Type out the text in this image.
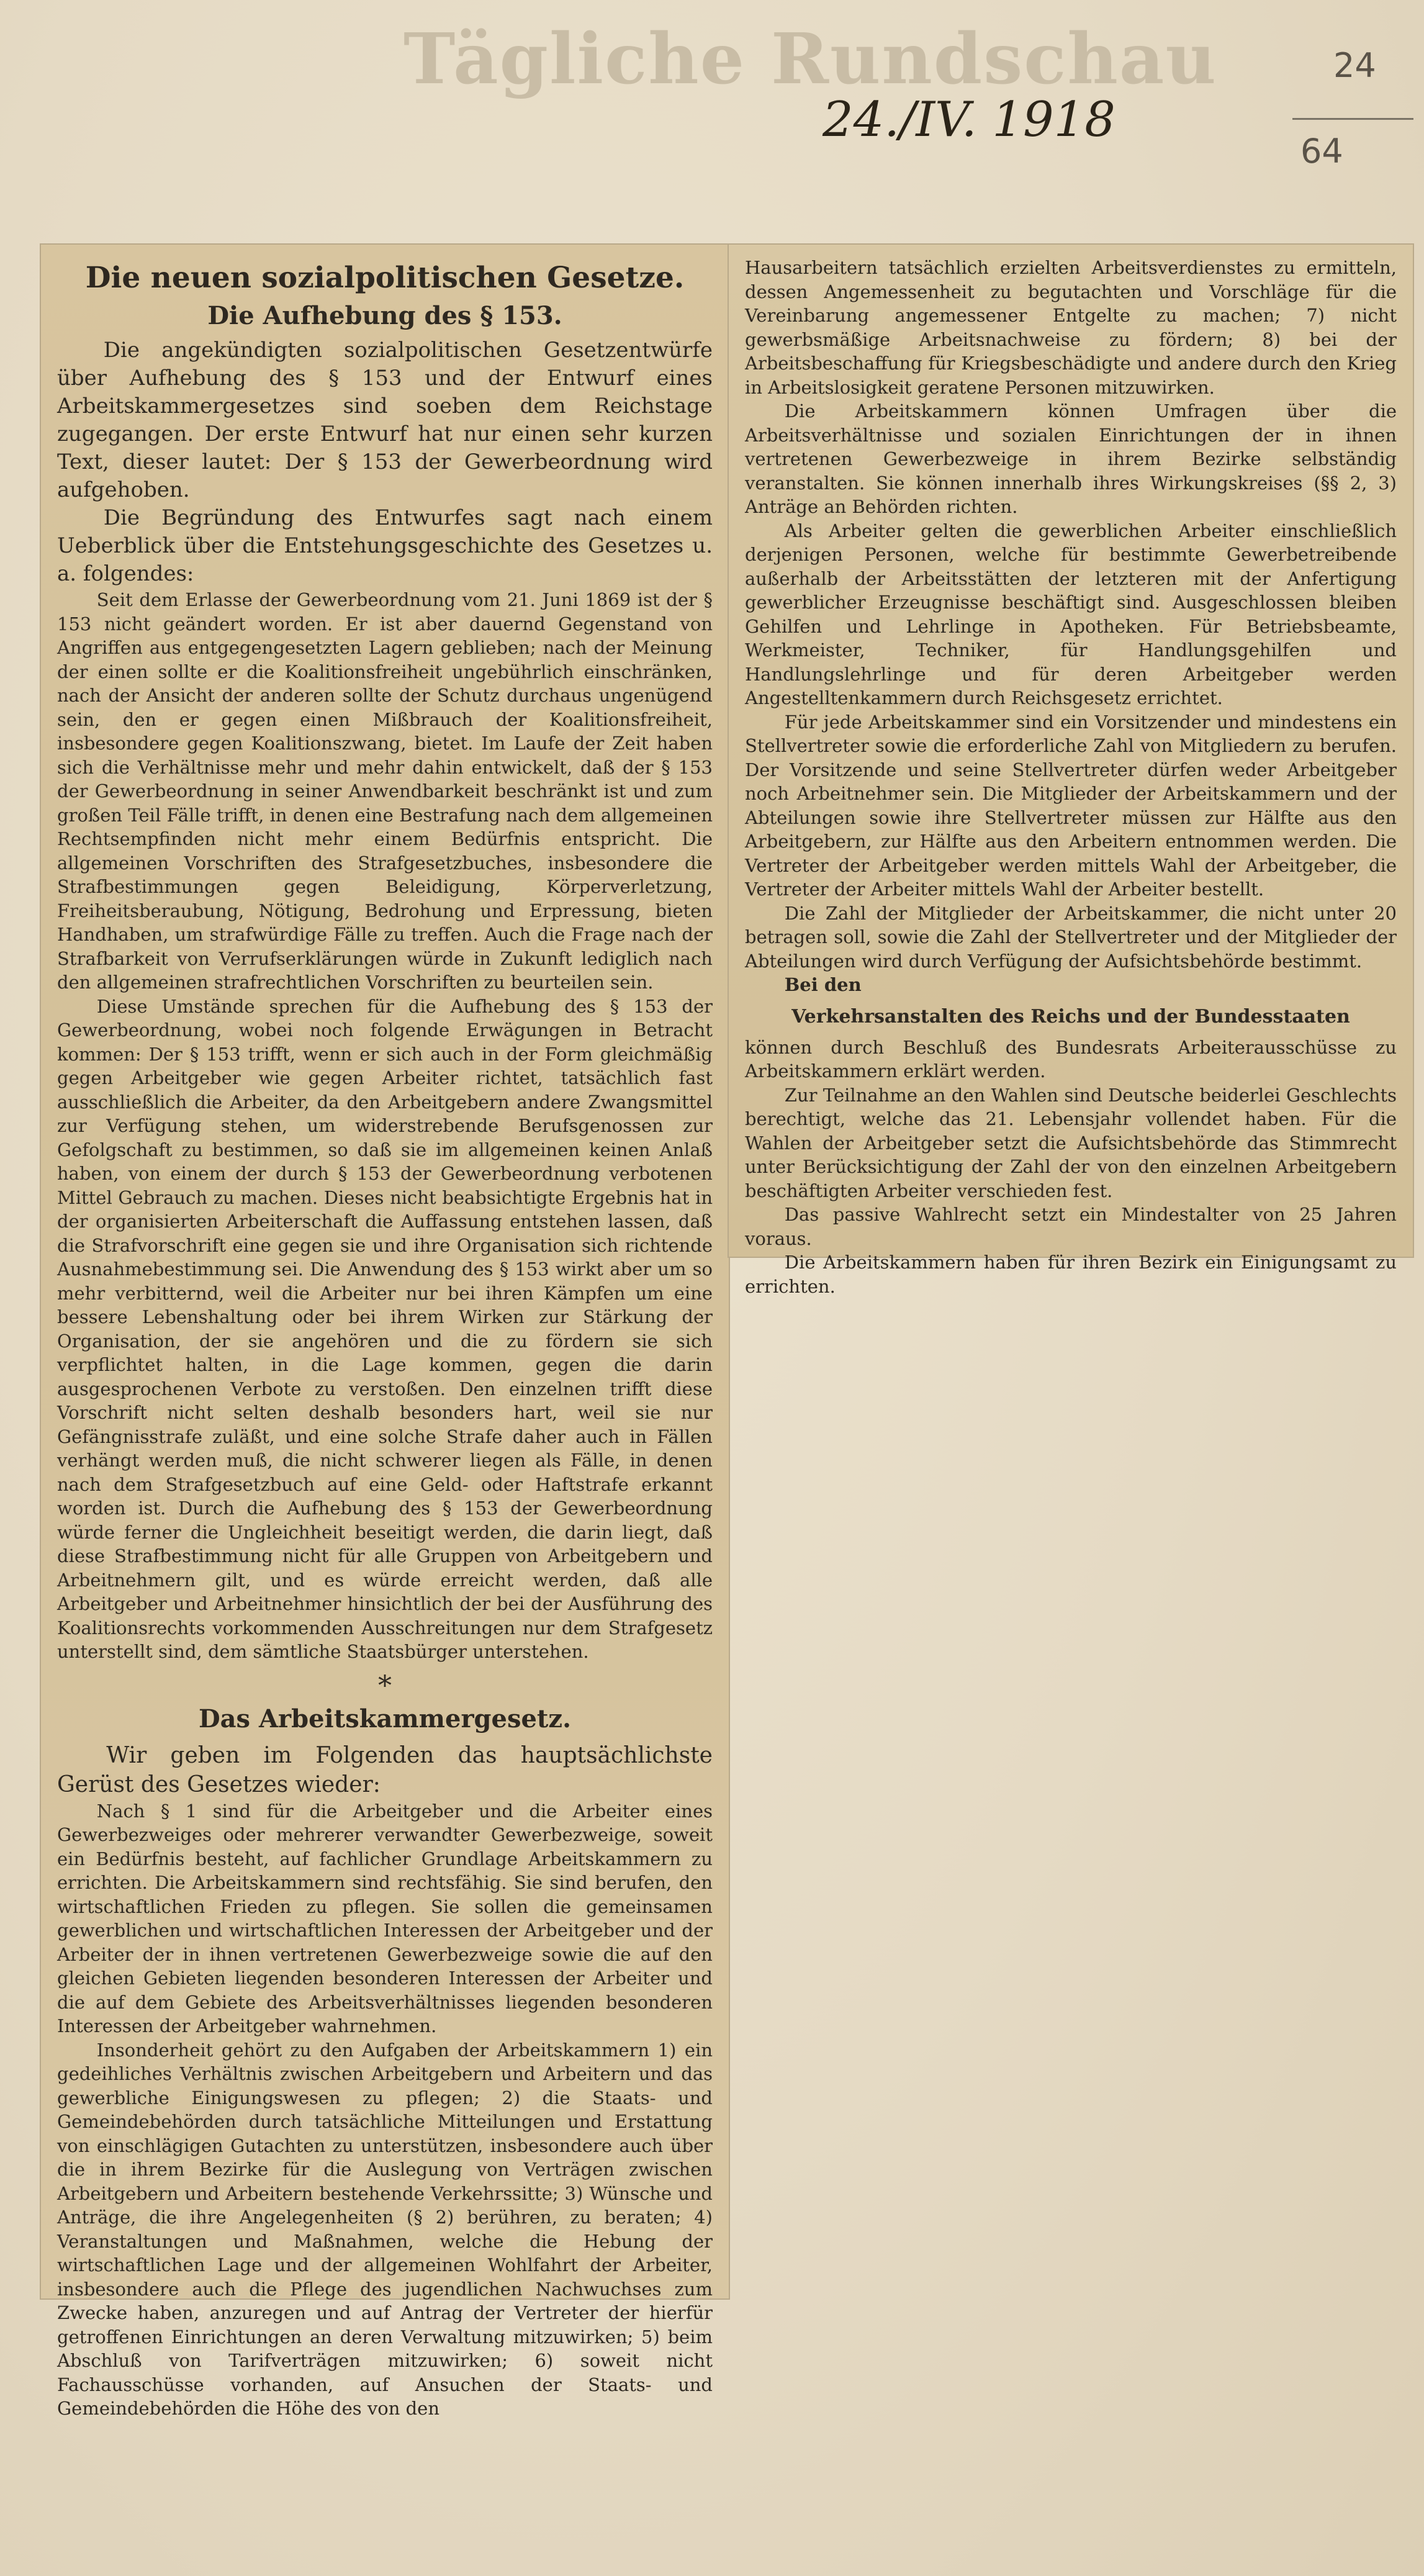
Tägliche Rundschau
24./IV. 1918
24
64
Die neuen sozialpolitischen Gesetze.
Die Aufhebung des § 153.

Die angekündigten sozialpolitischen Gesetzentwürfe über Aufhebung des § 153 und der Entwurf eines Arbeitskammergesetzes sind soeben dem Reichstage zugegangen. Der erste Entwurf hat nur einen sehr kurzen Text, dieser lautet: Der § 153 der Gewerbeordnung wird aufgehoben.

Die Begründung des Entwurfes sagt nach einem Ueberblick über die Entstehungsgeschichte des Gesetzes u. a. folgendes:

Seit dem Erlasse der Gewerbeordnung vom 21. Juni 1869 ist der § 153 nicht geändert worden. Er ist aber dauernd Gegenstand von Angriffen aus entgegengesetzten Lagern geblieben; nach der Meinung der einen sollte er die Koalitionsfreiheit ungebührlich einschränken, nach der Ansicht der anderen sollte der Schutz durchaus ungenügend sein, den er gegen einen Mißbrauch der Koalitionsfreiheit, insbesondere gegen Koalitionszwang, bietet. Im Laufe der Zeit haben sich die Verhältnisse mehr und mehr dahin entwickelt, daß der § 153 der Gewerbeordnung in seiner Anwendbarkeit beschränkt ist und zum großen Teil Fälle trifft, in denen eine Bestrafung nach dem allgemeinen Rechtsempfinden nicht mehr einem Bedürfnis entspricht. Die allgemeinen Vorschriften des Strafgesetzbuches, insbesondere die Strafbestimmungen gegen Beleidigung, Körperverletzung, Freiheitsberaubung, Nötigung, Bedrohung und Erpressung, bieten Handhaben, um strafwürdige Fälle zu treffen. Auch die Frage nach der Strafbarkeit von Verrufserklärungen würde in Zukunft lediglich nach den allgemeinen strafrechtlichen Vorschriften zu beurteilen sein.

Diese Umstände sprechen für die Aufhebung des § 153 der Gewerbeordnung, wobei noch folgende Erwägungen in Betracht kommen: Der § 153 trifft, wenn er sich auch in der Form gleichmäßig gegen Arbeitgeber wie gegen Arbeiter richtet, tatsächlich fast ausschließlich die Arbeiter, da den Arbeitgebern andere Zwangsmittel zur Verfügung stehen, um widerstrebende Berufsgenossen zur Gefolgschaft zu bestimmen, so daß sie im allgemeinen keinen Anlaß haben, von einem der durch § 153 der Gewerbeordnung verbotenen Mittel Gebrauch zu machen. Dieses nicht beabsichtigte Ergebnis hat in der organisierten Arbeiterschaft die Auffassung entstehen lassen, daß die Strafvorschrift eine gegen sie und ihre Organisation sich richtende Ausnahmebestimmung sei. Die Anwendung des § 153 wirkt aber um so mehr verbitternd, weil die Arbeiter nur bei ihren Kämpfen um eine bessere Lebenshaltung oder bei ihrem Wirken zur Stärkung der Organisation, der sie angehören und die zu fördern sie sich verpflichtet halten, in die Lage kommen, gegen die darin ausgesprochenen Verbote zu verstoßen. Den einzelnen trifft diese Vorschrift nicht selten deshalb besonders hart, weil sie nur Gefängnisstrafe zuläßt, und eine solche Strafe daher auch in Fällen verhängt werden muß, die nicht schwerer liegen als Fälle, in denen nach dem Strafgesetzbuch auf eine Geld- oder Haftstrafe erkannt worden ist. Durch die Aufhebung des § 153 der Gewerbeordnung würde ferner die Ungleichheit beseitigt werden, die darin liegt, daß diese Strafbestimmung nicht für alle Gruppen von Arbeitgebern und Arbeitnehmern gilt, und es würde erreicht werden, daß alle Arbeitgeber und Arbeitnehmer hinsichtlich der bei der Ausführung des Koalitionsrechts vorkommenden Ausschreitungen nur dem Strafgesetz unterstellt sind, dem sämtliche Staatsbürger unterstehen.

*
Das Arbeitskammergesetz.

Wir geben im Folgenden das hauptsächlichste Gerüst des Gesetzes wieder:

Nach § 1 sind für die Arbeitgeber und die Arbeiter eines Gewerbezweiges oder mehrerer verwandter Gewerbezweige, soweit ein Bedürfnis besteht, auf fachlicher Grundlage Arbeitskammern zu errichten. Die Arbeitskammern sind rechtsfähig. Sie sind berufen, den wirtschaftlichen Frieden zu pflegen. Sie sollen die gemeinsamen gewerblichen und wirtschaftlichen Interessen der Arbeitgeber und der Arbeiter der in ihnen vertretenen Gewerbezweige sowie die auf den gleichen Gebieten liegenden besonderen Interessen der Arbeiter und die auf dem Gebiete des Arbeitsverhältnisses liegenden besonderen Interessen der Arbeitgeber wahrnehmen.

Insonderheit gehört zu den Aufgaben der Arbeitskammern 1) ein gedeihliches Verhältnis zwischen Arbeitgebern und Arbeitern und das gewerbliche Einigungswesen zu pflegen; 2) die Staats- und Gemeindebehörden durch tatsächliche Mitteilungen und Erstattung von einschlägigen Gutachten zu unterstützen, insbesondere auch über die in ihrem Bezirke für die Auslegung von Verträgen zwischen Arbeitgebern und Arbeitern bestehende Verkehrssitte; 3) Wünsche und Anträge, die ihre Angelegenheiten (§ 2) berühren, zu beraten; 4) Veranstaltungen und Maßnahmen, welche die Hebung der wirtschaftlichen Lage und der allgemeinen Wohlfahrt der Arbeiter, insbesondere auch die Pflege des jugendlichen Nachwuchses zum Zwecke haben, anzuregen und auf Antrag der Vertreter der hierfür getroffenen Einrichtungen an deren Verwaltung mitzuwirken; 5) beim Abschluß von Tarifverträgen mitzuwirken; 6) soweit nicht Fachausschüsse vorhanden, auf Ansuchen der Staats- und Gemeindebehörden die Höhe des von den

Hausarbeitern tatsächlich erzielten Arbeitsverdienstes zu ermitteln, dessen Angemessenheit zu begutachten und Vorschläge für die Vereinbarung angemessener Entgelte zu machen; 7) nicht gewerbsmäßige Arbeitsnachweise zu fördern; 8) bei der Arbeitsbeschaffung für Kriegsbeschädigte und andere durch den Krieg in Arbeitslosigkeit geratene Personen mitzuwirken.

Die Arbeitskammern können Umfragen über die Arbeitsverhältnisse und sozialen Einrichtungen der in ihnen vertretenen Gewerbezweige in ihrem Bezirke selbständig veranstalten. Sie können innerhalb ihres Wirkungskreises (§§ 2, 3) Anträge an Behörden richten.

Als Arbeiter gelten die gewerblichen Arbeiter einschließlich derjenigen Personen, welche für bestimmte Gewerbetreibende außerhalb der Arbeitsstätten der letzteren mit der Anfertigung gewerblicher Erzeugnisse beschäftigt sind. Ausgeschlossen bleiben Gehilfen und Lehrlinge in Apotheken. Für Betriebsbeamte, Werkmeister, Techniker, für Handlungsgehilfen und Handlungslehrlinge und für deren Arbeitgeber werden Angestelltenkammern durch Reichsgesetz errichtet.

Für jede Arbeitskammer sind ein Vorsitzender und mindestens ein Stellvertreter sowie die erforderliche Zahl von Mitgliedern zu berufen. Der Vorsitzende und seine Stellvertreter dürfen weder Arbeitgeber noch Arbeitnehmer sein. Die Mitglieder der Arbeitskammern und der Abteilungen sowie ihre Stellvertreter müssen zur Hälfte aus den Arbeitgebern, zur Hälfte aus den Arbeitern entnommen werden. Die Vertreter der Arbeitgeber werden mittels Wahl der Arbeitgeber, die Vertreter der Arbeiter mittels Wahl der Arbeiter bestellt.

Die Zahl der Mitglieder der Arbeitskammer, die nicht unter 20 betragen soll, sowie die Zahl der Stellvertreter und der Mitglieder der Abteilungen wird durch Verfügung der Aufsichtsbehörde bestimmt.

Bei den

Verkehrsanstalten des Reichs und der Bundesstaaten

können durch Beschluß des Bundesrats Arbeiterausschüsse zu Arbeitskammern erklärt werden.

Zur Teilnahme an den Wahlen sind Deutsche beiderlei Geschlechts berechtigt, welche das 21. Lebensjahr vollendet haben. Für die Wahlen der Arbeitgeber setzt die Aufsichtsbehörde das Stimmrecht unter Berücksichtigung der Zahl der von den einzelnen Arbeitgebern beschäftigten Arbeiter verschieden fest.

Das passive Wahlrecht setzt ein Mindestalter von 25 Jahren voraus.

Die Arbeitskammern haben für ihren Bezirk ein Einigungsamt zu errichten.
